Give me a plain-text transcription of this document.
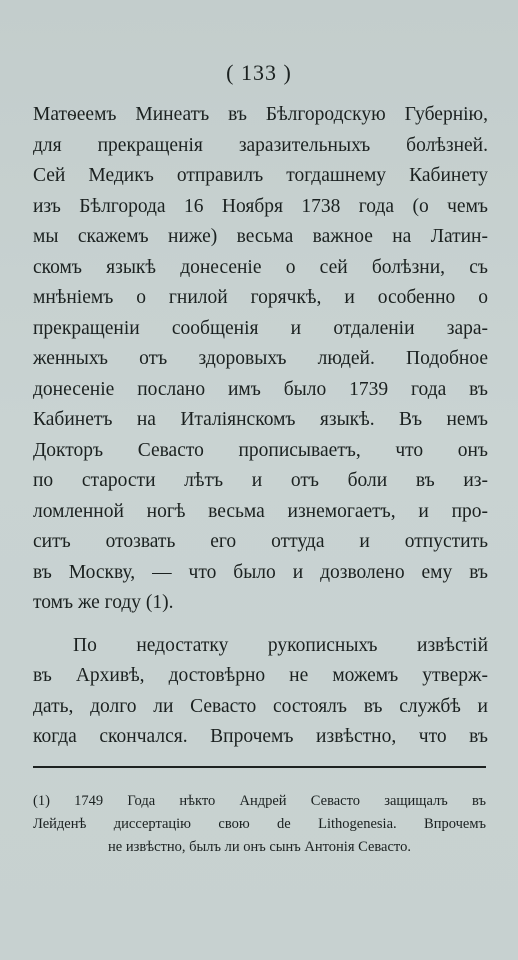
( 133 )
Матѳеемъ Минеатъ въ Бѣлгородскую Губернію,
для прекращенія заразительныхъ болѣзней.
Сей Медикъ отправилъ тогдашнему Кабинету
изъ Бѣлгорода 16 Ноября 1738 года (о чемъ
мы скажемъ ниже) весьма важное на Латин-
скомъ языкѣ донесеніе о сей болѣзни, съ
мнѣніемъ о гнилой горячкѣ, и особенно о
прекращеніи сообщенія и отдаленіи зара-
женныхъ отъ здоровыхъ людей. Подобное
донесеніе послано имъ было 1739 года въ
Кабинетъ на Италіянскомъ языкѣ. Въ немъ
Докторъ Севасто прописываетъ, что онъ
по старости лѣтъ и отъ боли въ из-
ломленной ногѣ весьма изнемогаетъ, и про-
ситъ отозвать его оттуда и отпустить
въ Москву, — что было и дозволено ему въ
томъ же году (1).
По недостатку рукописныхъ извѣстій
въ Архивѣ, достовѣрно не можемъ утверж-
дать, долго ли Севасто состоялъ въ службѣ и
когда скончался. Впрочемъ извѣстно, что въ
(1) 1749 Года нѣкто Андрей Севасто защищалъ въ
Лейденѣ диссертацію свою de Lithogenesia. Впрочемъ
не извѣстно, былъ ли онъ сынъ Антонія Севасто.
